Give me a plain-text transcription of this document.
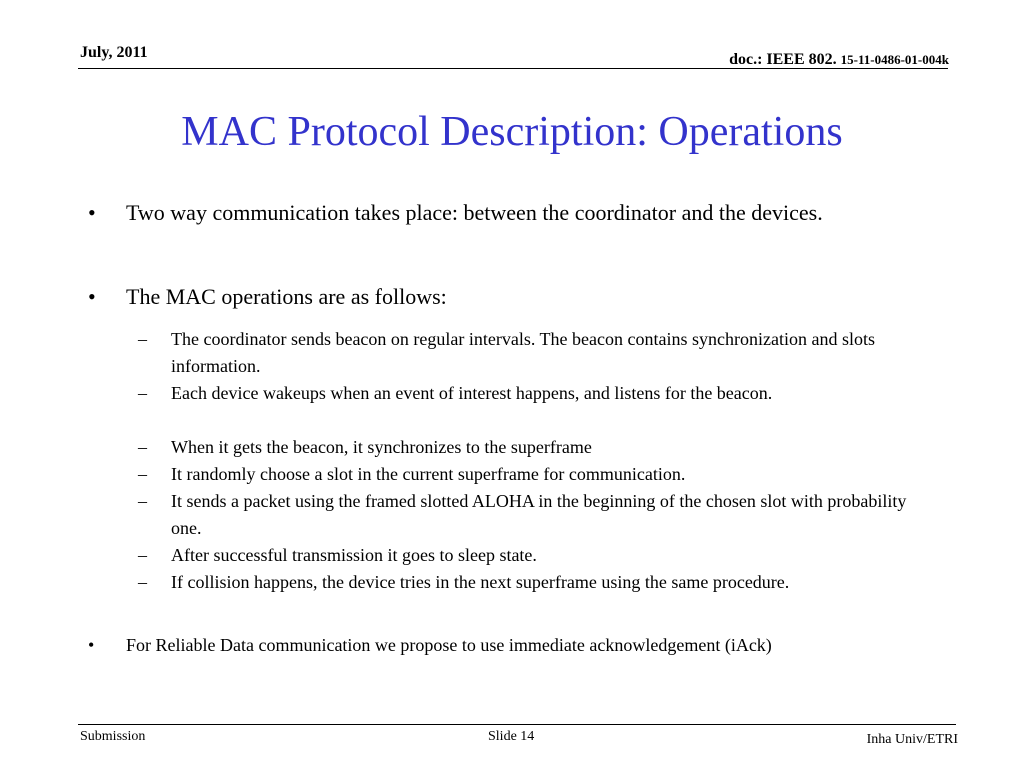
July, 2011	doc.: IEEE 802. 15-11-0486-01-004k
MAC Protocol Description: Operations
•	Two way communication takes place: between the coordinator and the devices.
•	The MAC operations are as follows:
–	The coordinator sends beacon on regular intervals. The beacon contains synchronization and slots information.
–	Each device wakeups when an event of interest happens, and listens for the beacon.
–	When it gets the beacon, it synchronizes to the superframe
–	It randomly choose a slot in the current superframe for communication.
–	It sends a packet using the framed slotted ALOHA in the beginning of the chosen slot with probability one.
–	After successful transmission it goes to sleep state.
–	If collision happens, the device tries in the next superframe using the same procedure.
•	For Reliable Data communication we propose to use immediate acknowledgement (iAck)
Submission	Slide 14	Inha Univ/ETRI
